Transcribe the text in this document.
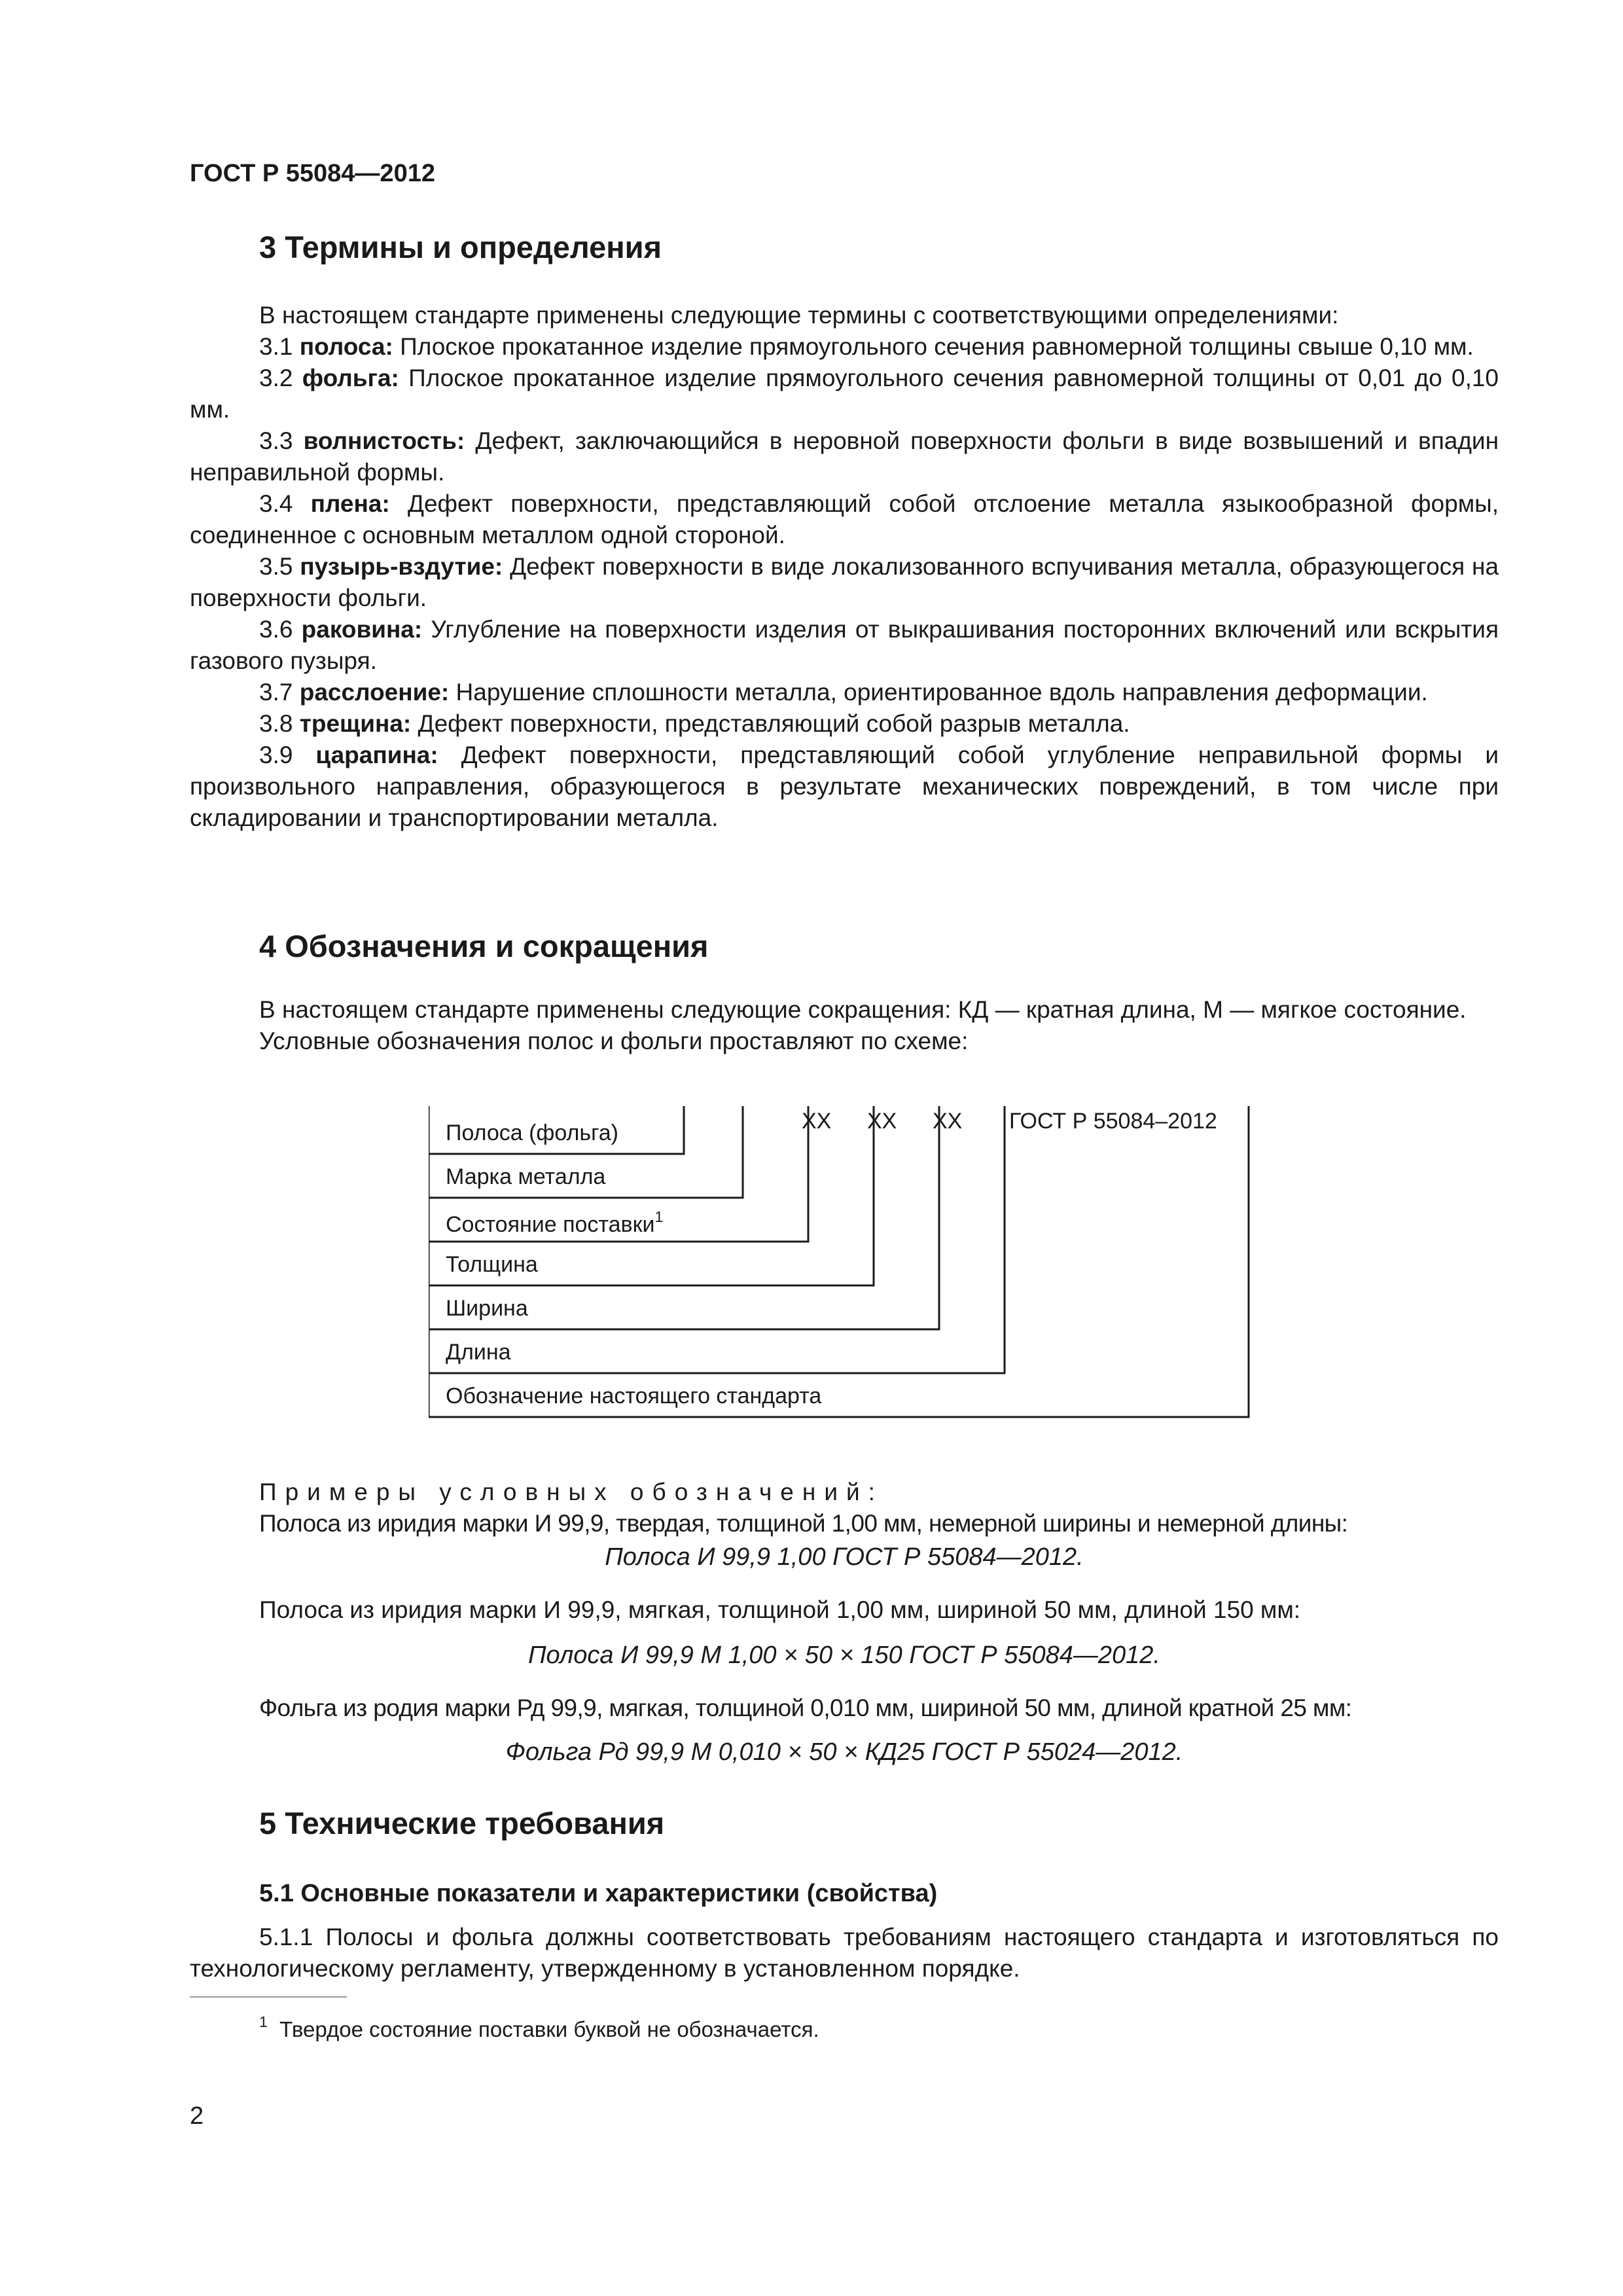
ГОСТ Р 55084—2012
3 Термины и определения

В настоящем стандарте применены следующие термины с соответствующими определениями:

3.1 полоса: Плоское прокатанное изделие прямоугольного сечения равномерной толщины свыше 0,10 мм.

3.2 фольга: Плоское прокатанное изделие прямоугольного сечения равномерной толщины от 0,01 до 0,10 мм.

3.3 волнистость: Дефект, заключающийся в неровной поверхности фольги в виде возвышений и впадин неправильной формы.

3.4 плена: Дефект поверхности, представляющий собой отслоение металла языкообразной формы, соединенное с основным металлом одной стороной.

3.5 пузырь-вздутие: Дефект поверхности в виде локализованного вспучивания металла, образующегося на поверхности фольги.

3.6 раковина: Углубление на поверхности изделия от выкрашивания посторонних включений или вскрытия газового пузыря.

3.7 расслоение: Нарушение сплошности металла, ориентированное вдоль направления деформации.

3.8 трещина: Дефект поверхности, представляющий собой разрыв металла.

3.9 царапина: Дефект поверхности, представляющий собой углубление неправильной формы и произвольного направления, образующегося в результате механических повреждений, в том числе при складировании и транспортировании металла.

4 Обозначения и сокращения

В настоящем стандарте применены следующие сокращения: КД — кратная длина, М — мягкое состояние.

Условные обозначения полос и фольги проставляют по схеме:

XX XX XX ГОСТ Р 55084–2012
Полоса (фольга)
Марка металла
Состояние поставки$^1$
Толщина
Ширина
Длина
Обозначение настоящего стандарта

Примеры условных обозначений:

Полоса из иридия марки И 99,9, твердая, толщиной 1,00 мм, немерной ширины и немерной длины:

Полоса И 99,9 1,00 ГОСТ Р 55084—2012.

Полоса из иридия марки И 99,9, мягкая, толщиной 1,00 мм, шириной 50 мм, длиной 150 мм:

Полоса И 99,9 М 1,00 × 50 × 150 ГОСТ Р 55084—2012.

Фольга из родия марки Рд 99,9, мягкая, толщиной 0,010 мм, шириной 50 мм, длиной кратной 25 мм:

Фольга Рд 99,9 М 0,010 × 50 × КД25 ГОСТ Р 55024—2012.
5 Технические требования
5.1 Основные показатели и характеристики (свойства)

5.1.1 Полосы и фольга должны соответствовать требованиям настоящего стандарта и изготовляться по технологическому регламенту, утвержденному в установленном порядке.

$^1$ Твердое состояние поставки буквой не обозначается.
2
